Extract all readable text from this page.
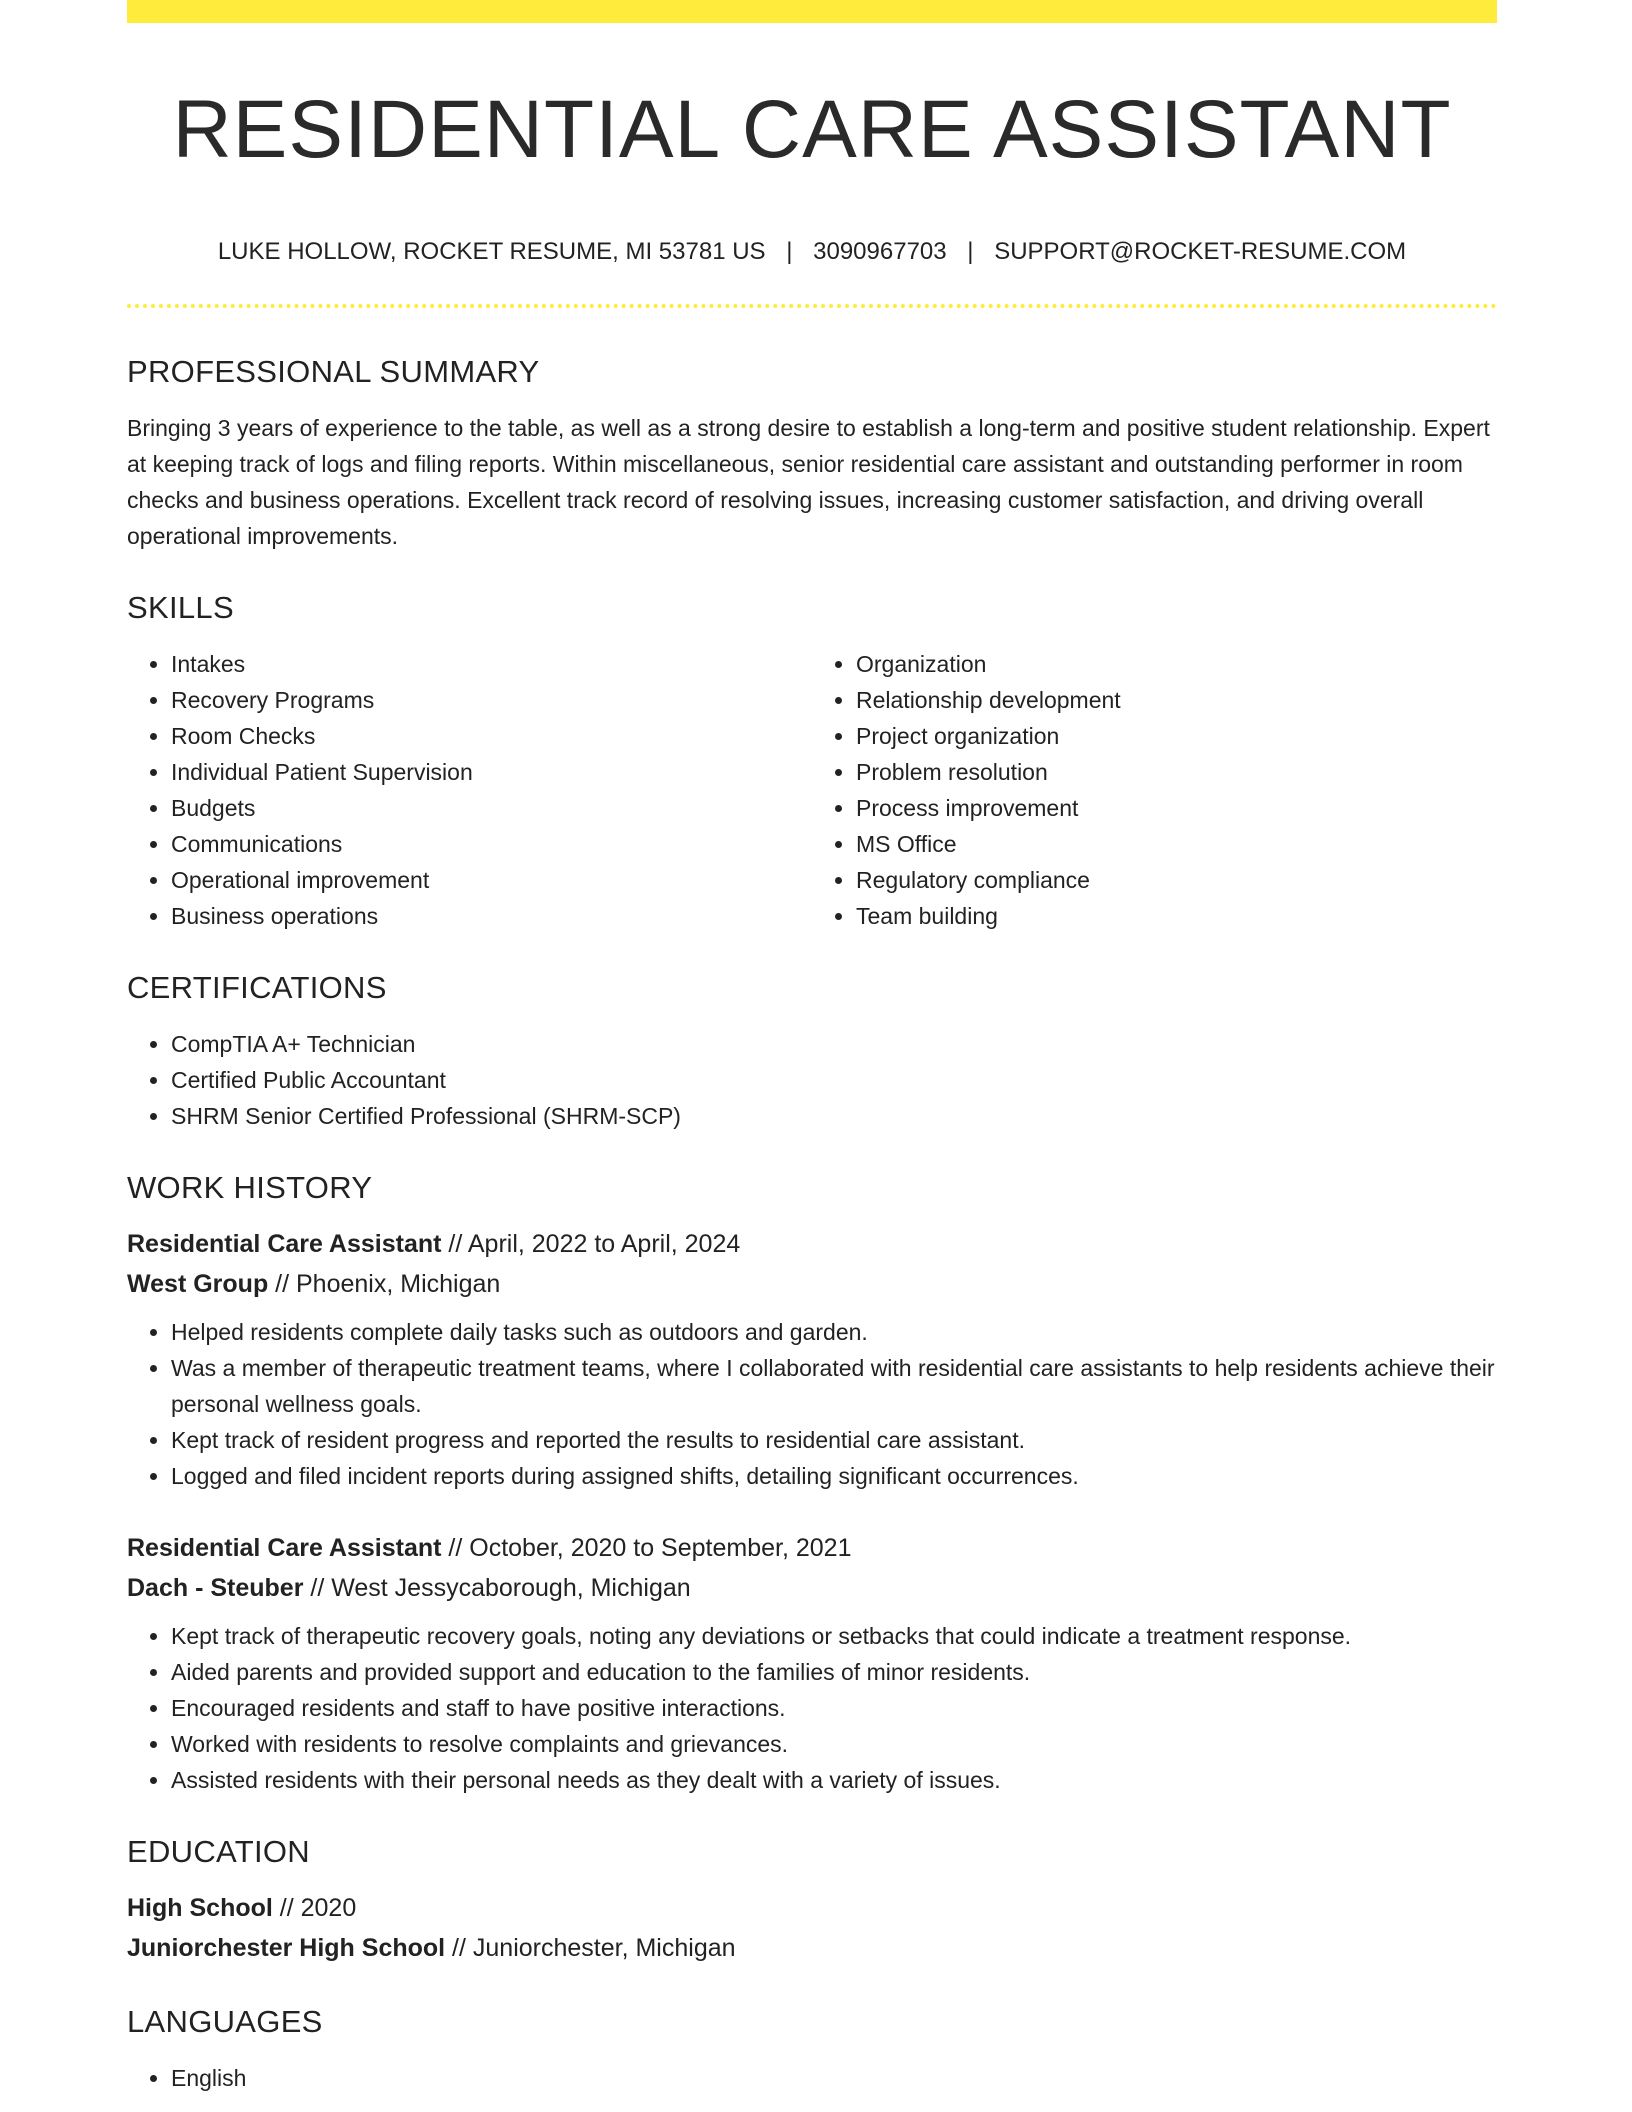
RESIDENTIAL CARE ASSISTANT
LUKE HOLLOW, ROCKET RESUME, MI 53781 US | 3090967703 | SUPPORT@ROCKET-RESUME.COM
PROFESSIONAL SUMMARY

Bringing 3 years of experience to the table, as well as a strong desire to establish a long-term and positive student relationship. Expert at keeping track of logs and filing reports. Within miscellaneous, senior residential care assistant and outstanding performer in room checks and business operations. Excellent track record of resolving issues, increasing customer satisfaction, and driving overall operational improvements.

SKILLS
• Intakes
• Recovery Programs
• Room Checks
• Individual Patient Supervision
• Budgets
• Communications
• Operational improvement
• Business operations
• Organization
• Relationship development
• Project organization
• Problem resolution
• Process improvement
• MS Office
• Regulatory compliance
• Team building
CERTIFICATIONS
• CompTIA A+ Technician
• Certified Public Accountant
• SHRM Senior Certified Professional (SHRM-SCP)
WORK HISTORY
Residential Care Assistant // April, 2022 to April, 2024
West Group // Phoenix, Michigan
• Helped residents complete daily tasks such as outdoors and garden.
• Was a member of therapeutic treatment teams, where I collaborated with residential care assistants to help residents achieve their personal wellness goals.
• Kept track of resident progress and reported the results to residential care assistant.
• Logged and filed incident reports during assigned shifts, detailing significant occurrences.
Residential Care Assistant // October, 2020 to September, 2021
Dach - Steuber // West Jessycaborough, Michigan
• Kept track of therapeutic recovery goals, noting any deviations or setbacks that could indicate a treatment response.
• Aided parents and provided support and education to the families of minor residents.
• Encouraged residents and staff to have positive interactions.
• Worked with residents to resolve complaints and grievances.
• Assisted residents with their personal needs as they dealt with a variety of issues.
EDUCATION
High School // 2020
Juniorchester High School // Juniorchester, Michigan
LANGUAGES
• English
